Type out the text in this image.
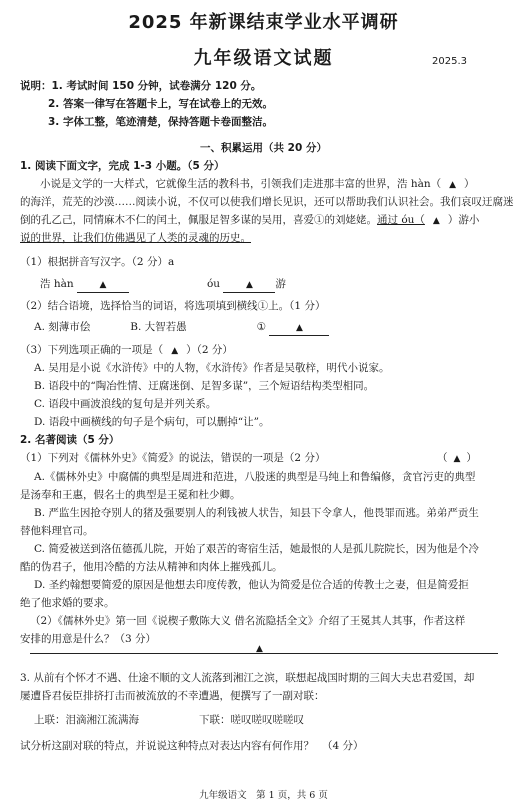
2025 年新课结束学业水平调研
九年级语文试题	2025.3
说明：1. 考试时间 150 分钟，试卷满分 120 分。
2. 答案一律写在答题卡上，写在试卷上的无效。
3. 字体工整，笔迹清楚，保持答题卡卷面整洁。
一、积累运用（共 20 分）
1. 阅读下面文字，完成 1-3 小题。（5 分）
小说是文学的一大样式，它就像生活的教科书，引领我们走进那丰富的世界，浩 hàn（ ▲ ）
的海洋，荒芜的沙漠……阅读小说，不仅可以使我们增长见识，还可以帮助我们认识社会。我们哀叹迂腐迷
倒的孔乙己，同情麻木不仁的闰土，佩服足智多谋的吴用，喜爱①的刘姥姥。通过 óu（ ▲ ）游小
说的世界，让我们仿佛遇见了人类的灵魂的历史。
（1）根据拼音写汉字。（2 分）a
浩 hàn	▲	óu	▲ 游
（2）结合语境，选择恰当的词语，将选项填到横线①上。（1 分）
A. 刻薄市侩	B. 大智若愚	①	▲
（3）下列选项正确的一项是（ ▲ ）（2 分）
A. 吴用是小说《水浒传》中的人物，《水浒传》作者是吴敬梓，明代小说家。
B. 语段中的“陶冶性情、迂腐迷倒、足智多谋”，三个短语结构类型相同。
C. 语段中画波浪线的复句是并列关系。
D. 语段中画横线的句子是个病句，可以删掉“让”。
2. 名著阅读（5 分）
（1）下列对《儒林外史》《简爱》的说法，错误的一项是（2 分）	（ ▲ ）
A.《儒林外史》中腐儒的典型是周进和范进，八股迷的典型是马纯上和鲁编修，贪官污吏的典型
是汤奉和王惠，假名士的典型是王冕和杜少卿。
B. 严监生因抢夺别人的猪及强要别人的利钱被人状告，知县下令拿人，他畏罪而逃。弟弟严贡生
替他料理官司。
C. 简爱被送到洛伍德孤儿院，开始了艰苦的寄宿生活，她最恨的人是孤儿院院长，因为他是个冷
酷的伪君子，他用冷酷的方法从精神和肉体上摧残孤儿。
D. 圣约翰想要简爱的原因是他想去印度传教，他认为简爱是位合适的传教士之妻，但是简爱拒
绝了他求婚的要求。
（2）《儒林外史》第一回《说楔子敷陈大义 借名流隐括全文》介绍了王冕其人其事，作者这样
安排的用意是什么？（3 分）
▲
3. 从前有个怀才不遇、仕途不顺的文人流落到湘江之滨，联想起战国时期的三闾大夫忠君爱国，却
屡遭昏君佞臣排挤打击而被流放的不幸遭遇，便撰写了一副对联：
上联：泪滴湘江流满海	下联：嗟叹嗟叹嗟嗟叹
试分析这副对联的特点，并说说这种特点对表达内容有何作用？ （4 分）
九年级语文　第 1 页，共 6 页
